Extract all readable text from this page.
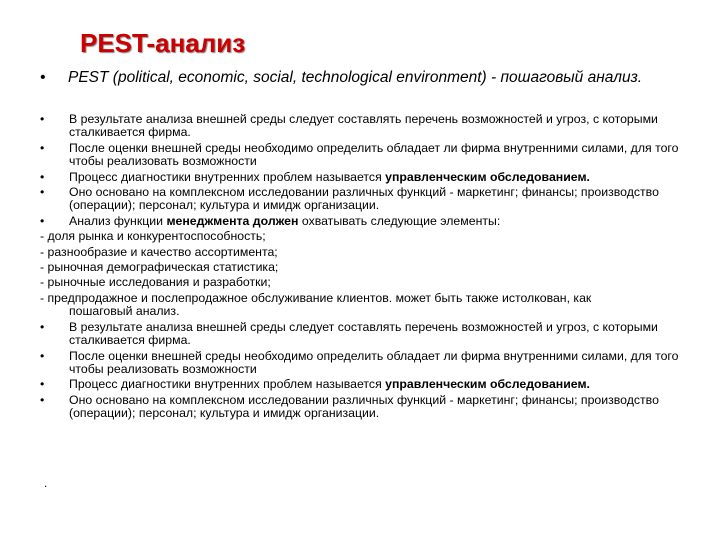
PEST-анализ
• PEST (political, economic, social, technological environment) - пошаговый анализ.
•	В результате анализа внешней среды следует составлять перечень возможностей и угроз, с которыми сталкивается фирма.
•	После оценки внешней среды необходимо определить обладает ли фирма внутренними силами, для того чтобы реализовать возможности
•	Процесс диагностики внутренних проблем называется управленческим обследованием.
•	Оно основано на комплексном исследовании различных функций - маркетинг; финансы; производство (операции); персонал; культура и имидж организации.
•	Анализ функции менеджмента должен охватывать следующие элементы:
- доля рынка и конкурентоспособность;
- разнообразие и качество ассортимента;
- рыночная демографическая статистика;
- рыночные исследования и разработки;
- предпродажное и послепродажное обслуживание клиентов. может быть также истолкован, как
пошаговый анализ.
•	В результате анализа внешней среды следует составлять перечень возможностей и угроз, с которыми сталкивается фирма.
•	После оценки внешней среды необходимо определить обладает ли фирма внутренними силами, для того чтобы реализовать возможности
•	Процесс диагностики внутренних проблем называется управленческим обследованием.
•	Оно основано на комплексном исследовании различных функций - маркетинг; финансы; производство (операции); персонал; культура и имидж организации.
.
